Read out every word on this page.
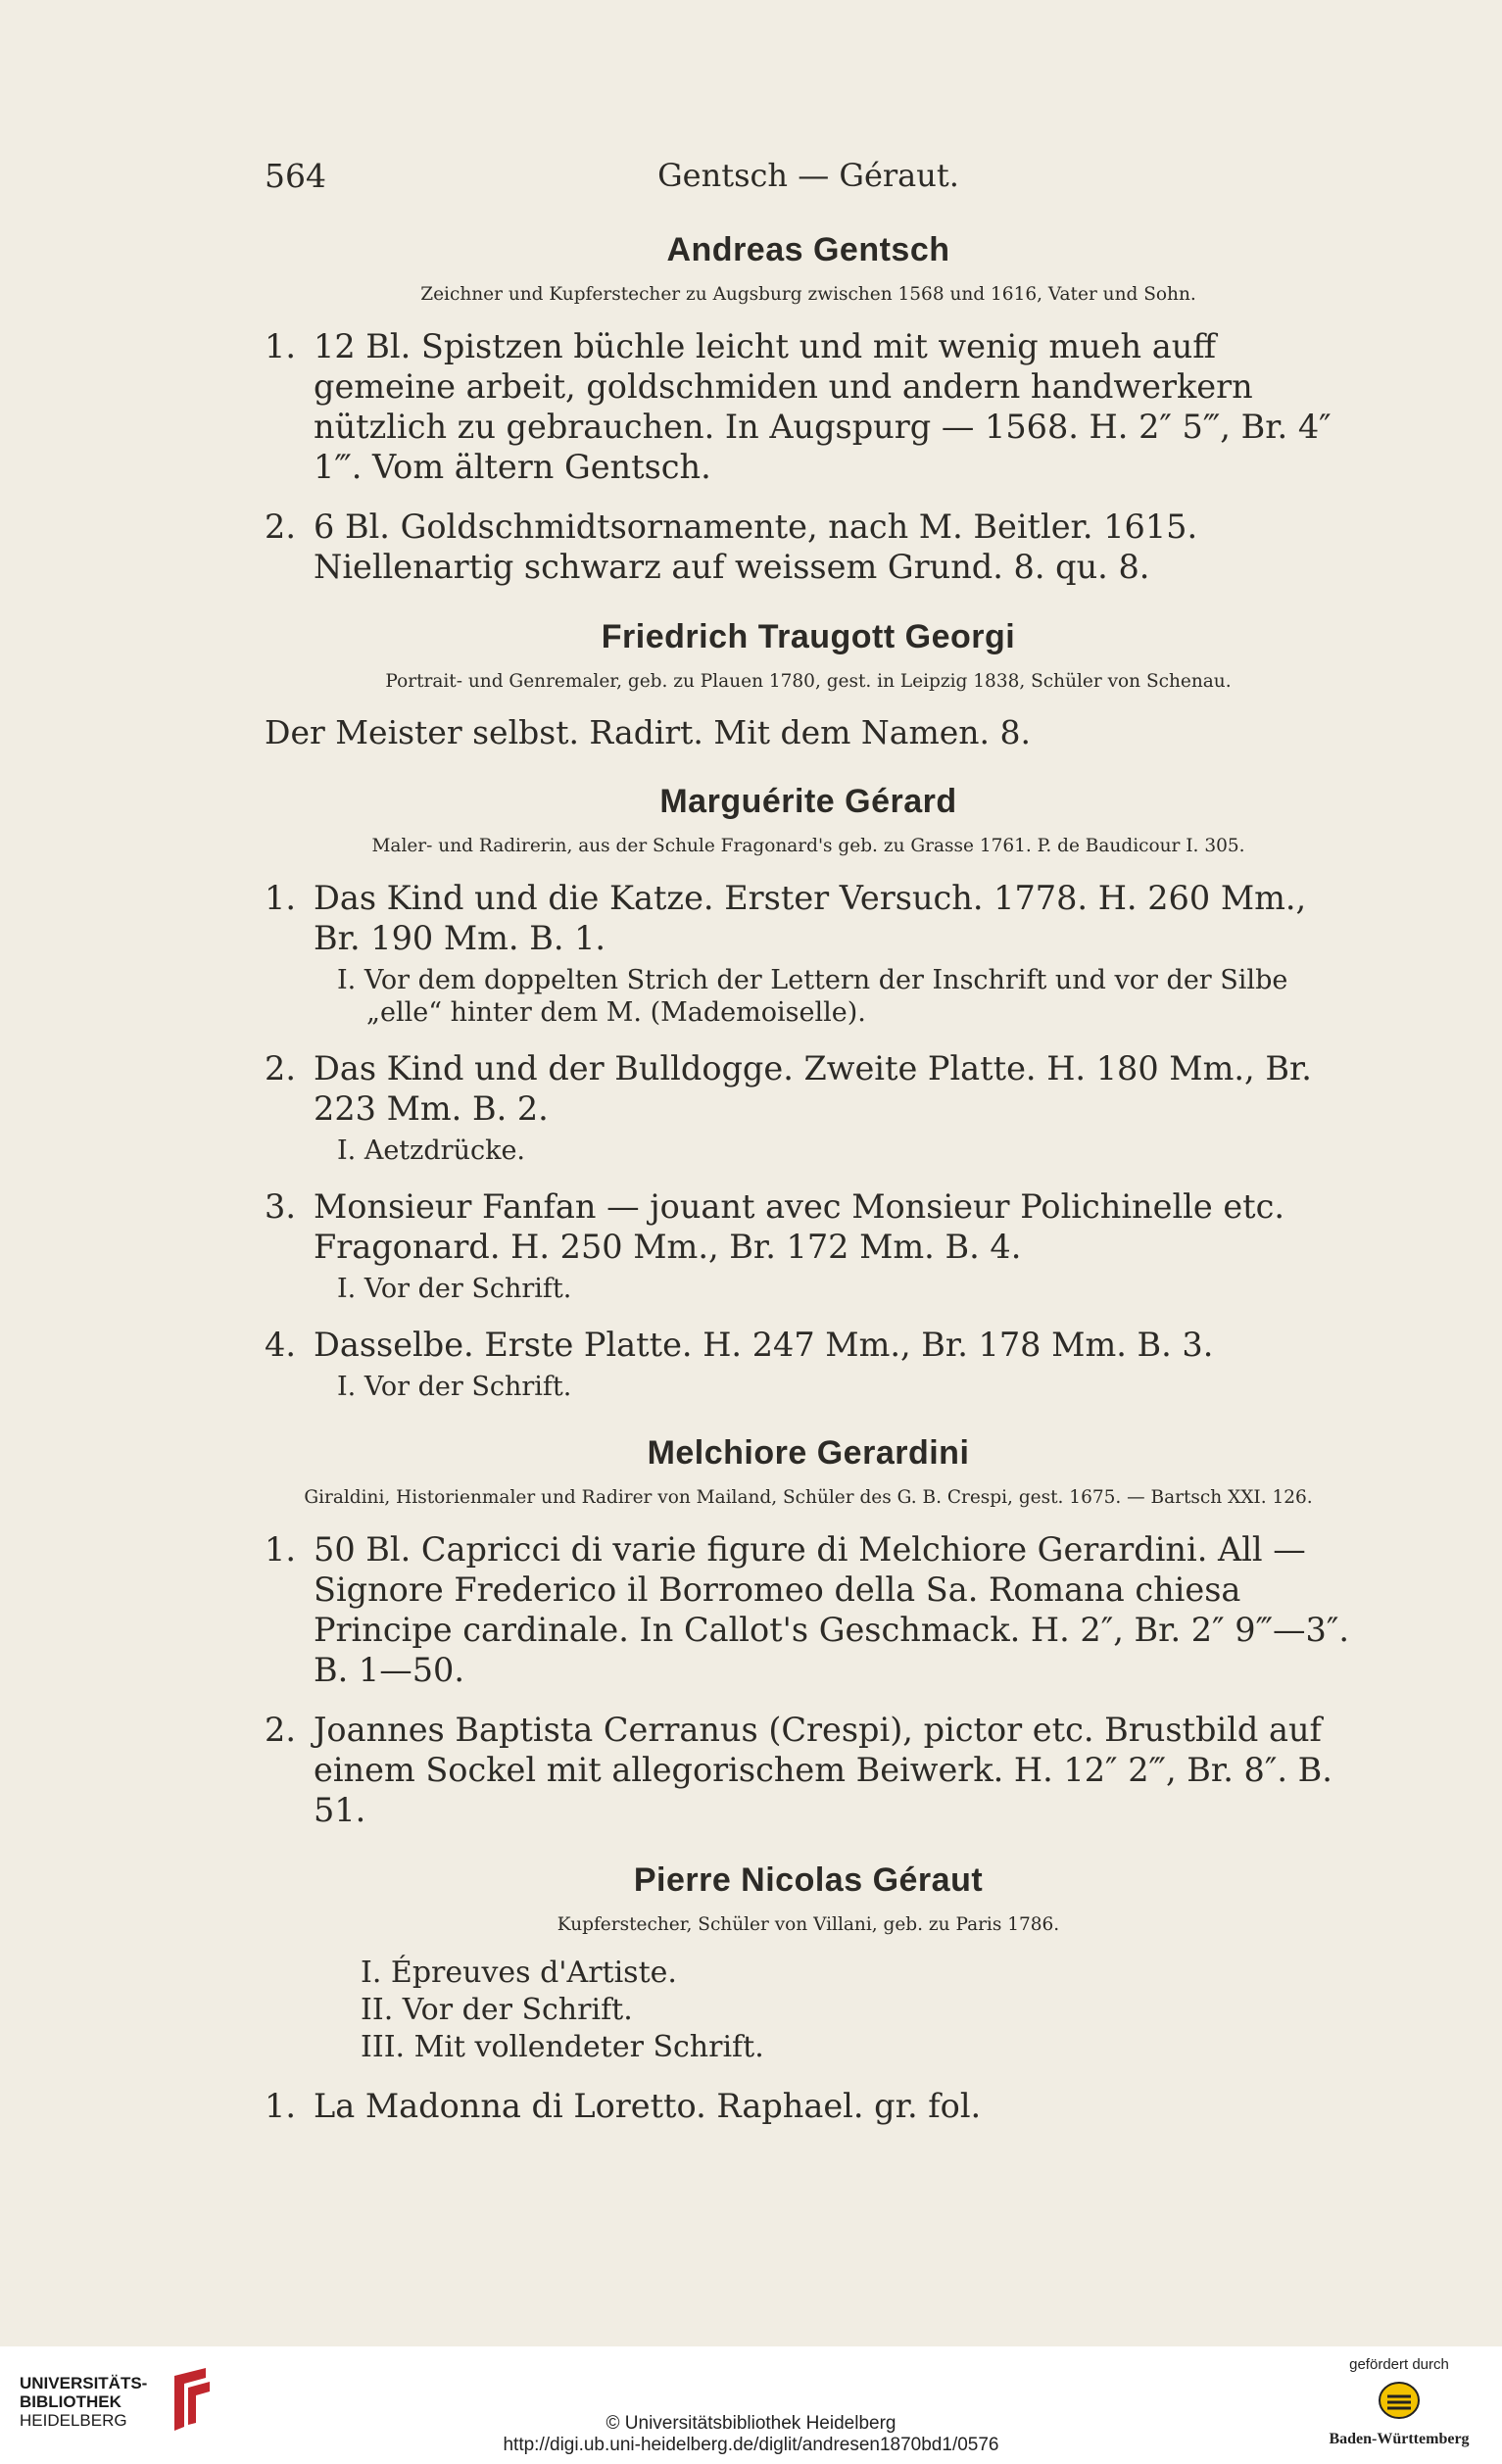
564	Gentsch — Géraut.
Andreas Gentsch
Zeichner und Kupferstecher zu Augsburg zwischen 1568 und 1616, Vater und Sohn.
1. 12 Bl. Spistzen büchle leicht und mit wenig mueh auff gemeine arbeit, goldschmiden und andern handwerkern nützlich zu gebrauchen. In Augspurg — 1568. H. 2″ 5‴, Br. 4″ 1‴. Vom ältern Gentsch.
2. 6 Bl. Goldschmidtsornamente, nach M. Beitler. 1615. Niellenartig schwarz auf weissem Grund. 8. qu. 8.
Friedrich Traugott Georgi
Portrait- und Genremaler, geb. zu Plauen 1780, gest. in Leipzig 1838, Schüler von Schenau.
Der Meister selbst. Radirt. Mit dem Namen. 8.
Marguérite Gérard
Maler- und Radirerin, aus der Schule Fragonard's geb. zu Grasse 1761. P. de Baudicour I. 305.
1. Das Kind und die Katze. Erster Versuch. 1778. H. 260 Mm., Br. 190 Mm. B. 1.
I. Vor dem doppelten Strich der Lettern der Inschrift und vor der Silbe „elle“ hinter dem M. (Mademoiselle).
2. Das Kind und der Bulldogge. Zweite Platte. H. 180 Mm., Br. 223 Mm. B. 2.
I. Aetzdrücke.
3. Monsieur Fanfan — jouant avec Monsieur Polichinelle etc. Fragonard. H. 250 Mm., Br. 172 Mm. B. 4.
I. Vor der Schrift.
4. Dasselbe. Erste Platte. H. 247 Mm., Br. 178 Mm. B. 3.
I. Vor der Schrift.
Melchiore Gerardini
Giraldini, Historienmaler und Radirer von Mailand, Schüler des G. B. Crespi, gest. 1675. — Bartsch XXI. 126.
1. 50 Bl. Capricci di varie figure di Melchiore Gerardini. All — Signore Frederico il Borromeo della Sa. Romana chiesa Principe cardinale. In Callot's Geschmack. H. 2″, Br. 2″ 9‴—3″. B. 1—50.
2. Joannes Baptista Cerranus (Crespi), pictor etc. Brustbild auf einem Sockel mit allegorischem Beiwerk. H. 12″ 2‴, Br. 8″. B. 51.
Pierre Nicolas Géraut
Kupferstecher, Schüler von Villani, geb. zu Paris 1786.
I. Épreuves d'Artiste.
II. Vor der Schrift.
III. Mit vollendeter Schrift.
1. La Madonna di Loretto. Raphael. gr. fol.
UNIVERSITÄTS-
BIBLIOTHEK
HEIDELBERG	© Universitätsbibliothek Heidelberg
http://digi.ub.uni-heidelberg.de/diglit/andresen1870bd1/0576
gefördert durch
Baden-Württemberg
